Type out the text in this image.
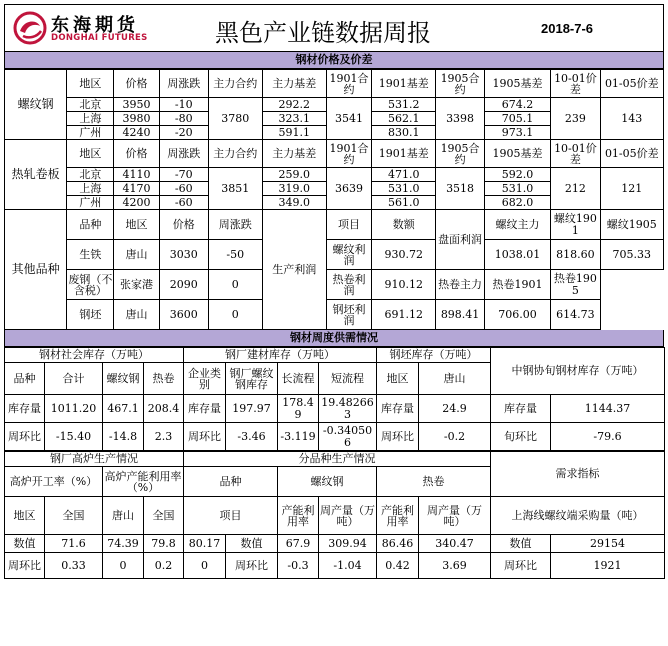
东海期货
DONGHAI FUTURES	黑色产业链数据周报	2018-7-6
钢材价格及价差
螺纹钢	地区	价格	周涨跌	主力合约	主力基差	1901合约	1901基差	1905合约	1905基差	10-01价差	01-05价差
	北京	3950	-10	3780	292.2	3541	531.2	3398	674.2	239	143
	上海	3980	-80		323.1		562.1		705.1		
	广州	4240	-20		591.1		830.1		973.1		
热轧卷板	地区	价格	周涨跌	主力合约	主力基差	1901合约	1901基差	1905合约	1905基差	10-01价差	01-05价差
	北京	4110	-70	3851	259.0	3639	471.0	3518	592.0	212	121
	上海	4170	-60		319.0		531.0		531.0		
	广州	4200	-60		349.0		561.0		682.0		
其他品种	品种	地区	价格	周涨跌	生产利润	项目	数额	盘面利润	螺纹主力	螺纹1901	螺纹1905
	生铁	唐山	3030	-50		螺纹利润	930.72		1038.01	818.60	705.33
	废钢（不含税）	张家港	2090	0		热卷利润	910.12	热卷主力	热卷1901	热卷1905	
	钢坯	唐山	3600	0		钢坯利润	691.12	898.41	706.00	614.73
钢材周度供需情况
钢材社会库存（万吨）				钢厂建材库存（万吨）				钢坯库存（万吨）		中钢协旬钢材库存（万吨）	
品种	合计	螺纹钢	热卷	企业类别	钢厂螺纹钢库存	长流程	短流程	地区	唐山		
库存量	1011.20	467.1	208.4	库存量	197.97	178.49	19.482663	库存量	24.9	库存量	1144.37
周环比	-15.40	-14.8	2.3	周环比	-3.46	-3.119	-0.340506	周环比	-0.2	旬环比	-79.6
钢厂高炉生产情况				分品种生产情况						需求指标	
高炉开工率（%）		高炉产能利用率（%）		品种		螺纹钢		热卷			
地区	全国	唐山	全国	项目		产能利用率	周产量（万吨）	产能利用率	周产量（万吨）	上海线螺纹端采购量（吨）	
数值	71.6	74.39	79.8	80.17	数值	67.9	309.94	86.46	340.47	数值	29154
周环比	0.33	0	0.2	0	周环比	-0.3	-1.04	0.42	3.69	周环比	1921
